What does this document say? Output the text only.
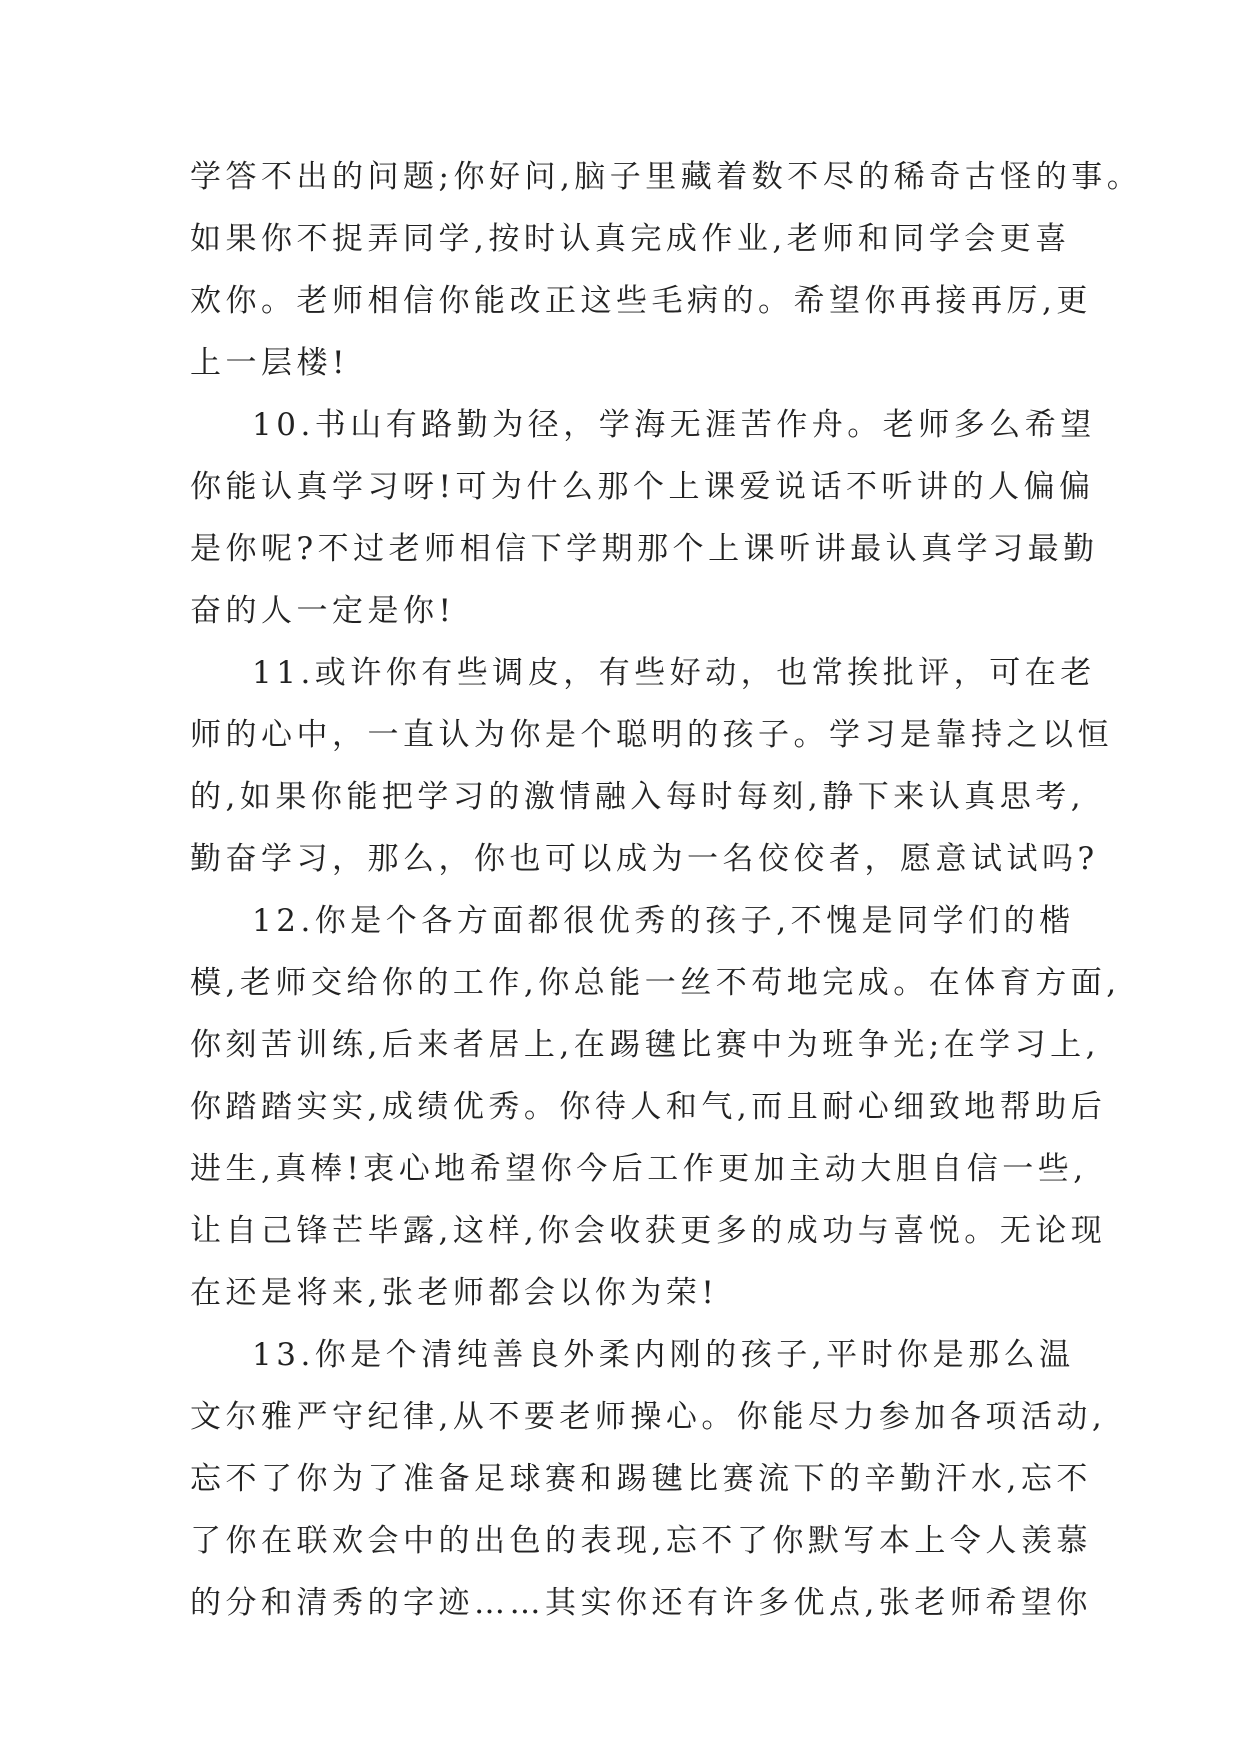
学答不出的问题;你好问,脑子里藏着数不尽的稀奇古怪的事。

如果你不捉弄同学,按时认真完成作业,老师和同学会更喜

欢你。老师相信你能改正这些毛病的。希望你再接再厉,更

上一层楼!

10.书山有路勤为径，学海无涯苦作舟。老师多么希望

你能认真学习呀!可为什么那个上课爱说话不听讲的人偏偏

是你呢?不过老师相信下学期那个上课听讲最认真学习最勤

奋的人一定是你!

11.或许你有些调皮，有些好动，也常挨批评，可在老

师的心中，一直认为你是个聪明的孩子。学习是靠持之以恒

的,如果你能把学习的激情融入每时每刻,静下来认真思考,

勤奋学习，那么，你也可以成为一名佼佼者，愿意试试吗?

12.你是个各方面都很优秀的孩子,不愧是同学们的楷

模,老师交给你的工作,你总能一丝不苟地完成。在体育方面,

你刻苦训练,后来者居上,在踢毽比赛中为班争光;在学习上,

你踏踏实实,成绩优秀。你待人和气,而且耐心细致地帮助后

进生,真棒!衷心地希望你今后工作更加主动大胆自信一些,

让自己锋芒毕露,这样,你会收获更多的成功与喜悦。无论现

在还是将来,张老师都会以你为荣!

13.你是个清纯善良外柔内刚的孩子,平时你是那么温

文尔雅严守纪律,从不要老师操心。你能尽力参加各项活动,

忘不了你为了准备足球赛和踢毽比赛流下的辛勤汗水,忘不

了你在联欢会中的出色的表现,忘不了你默写本上令人羡慕

的分和清秀的字迹……其实你还有许多优点,张老师希望你
